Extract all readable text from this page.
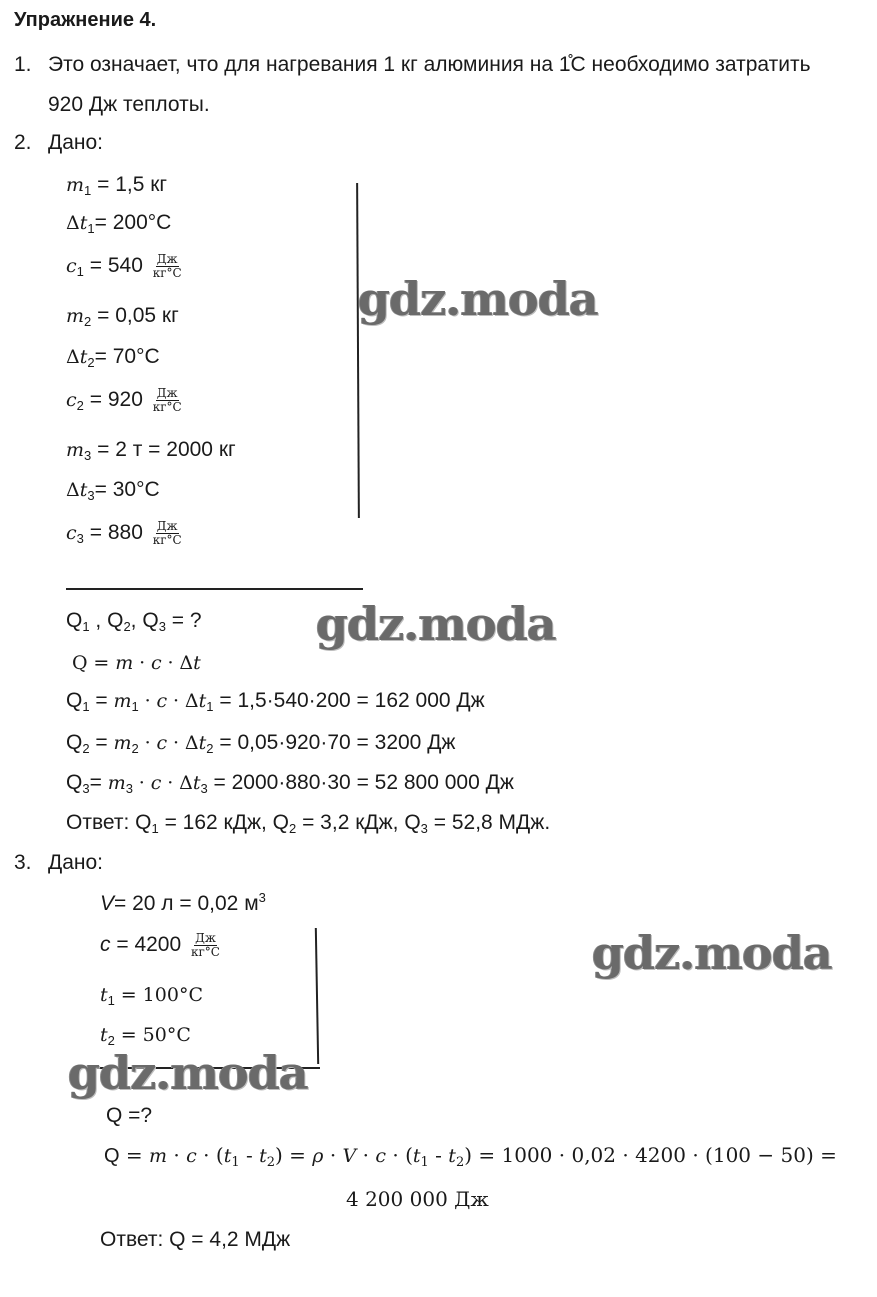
Упражнение 4.
1. Это означает, что для нагревания 1 кг алюминия на 1̊С необходимо затратить
920 Дж теплоты.
2. Дано:
$m_1 = 1,5$ кг
$\Delta t_1= 200^\circ С$
$c_1 = 540 \frac{Дж}{кг^\circ С}$
$m_2 = 0,05$ кг
$\Delta t_2= 70^\circ С$
$c_2 = 920 \frac{Дж}{кг^\circ С}$
$m_3 = 2$ т = 2000 кг
$\Delta t_3= 30^\circ С$
$c_3 = 880 \frac{Дж}{кг^\circ С}$
$Q_1$ , $Q_2$, $Q_3$ = ?
Q = m · c · Δt
$Q_1 = m_1 \cdot c \cdot \Delta t_1 = 1,5\cdot 540\cdot 200 = 162$ 000 Дж
$Q_2 = m_2 \cdot c \cdot \Delta t_2 = 0,05\cdot 920\cdot 70 = 3200$ Дж
$Q_3= m_3 \cdot c \cdot \Delta t_3 = 2000\cdot 880\cdot 30 = 52$ 800 000 Дж
Ответ: $Q_1 = 162$ кДж, $Q_2 = 3,2$ кДж, $Q_3 = 52,8$ МДж.
3. Дано:
V= 20 л = 0,02 $м^3$
$c = 4200 \frac{Дж}{кг^\circ С}$
$t_1 = 100^\circ С$
$t_2 = 50^\circ С$
Q =?
$Q = m \cdot c \cdot (t_1 - t_2) = \rho \cdot V \cdot c \cdot (t_1 - t_2) = 1000 \cdot 0,02 \cdot 4200 \cdot (100 - 50)$ =
4 200 000 Дж
Ответ: Q = 4,2 МДж
gdz.moda
gdz.moda
gdz.moda
gdz.moda
